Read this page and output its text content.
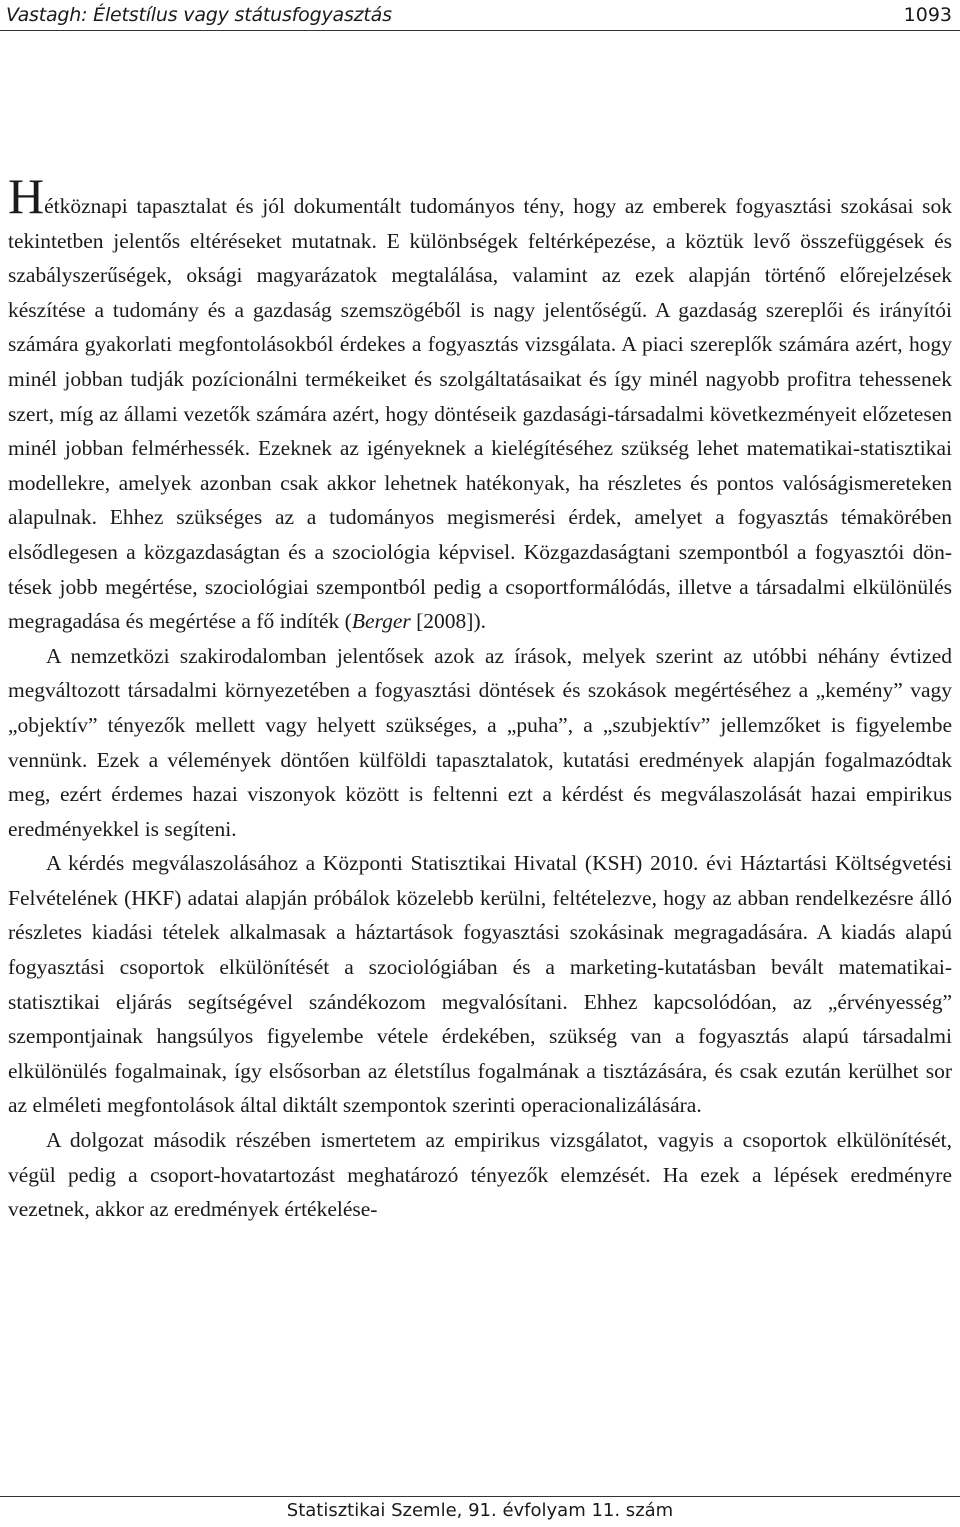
Vastagh: Életstílus vagy státusfogyasztás	1093

Hétköznapi tapasztalat és jól dokumentált tudományos tény, hogy az emberek fogyasztási szokásai sok tekintetben jelentős eltéréseket mutatnak. E különbségek feltérképezése, a köztük levő összefüggések és szabályszerűségek, oksági magyarázatok megtalálása, valamint az ezek alapján történő előrejelzések készítése a tudomány és a gazdaság szemszögéből is nagy jelentőségű. A gazdaság szereplői és irányítói számára gyakorlati megfontolásokból érdekes a fogyasztás vizsgálata. A piaci szereplők számára azért, hogy minél jobban tudják pozícionálni termékeiket és szolgáltatásaikat és így minél nagyobb profitra tehessenek szert, míg az állami vezetők számára azért, hogy döntéseik gazdasági-társadalmi következményeit előzetesen minél jobban felmérhessék. Ezeknek az igényeknek a kielégítéséhez szükség lehet matematikai-statisztikai modellekre, amelyek azonban csak akkor lehetnek hatékonyak, ha részletes és pontos valóságismereteken alapulnak. Ehhez szükséges az a tudományos megismerési érdek, amelyet a fogyasztás témakörében elsődlegesen a közgazdaságtan és a szociológia képvisel. Közgazdaságtani szempontból a fogyasztói döntések jobb megértése, szociológiai szempontból pedig a csoportformálódás, illetve a társadalmi elkülönülés megragadása és megértése a fő indíték (Berger [2008]).

A nemzetközi szakirodalomban jelentősek azok az írások, melyek szerint az utóbbi néhány évtized megváltozott társadalmi környezetében a fogyasztási döntések és szokások megértéséhez a „kemény” vagy „objektív” tényezők mellett vagy helyett szükséges, a „puha”, a „szubjektív” jellemzőket is figyelembe vennünk. Ezek a vélemények döntően külföldi tapasztalatok, kutatási eredmények alapján fogalmazódtak meg, ezért érdemes hazai viszonyok között is feltenni ezt a kérdést és megválaszolását hazai empirikus eredményekkel is segíteni.

A kérdés megválaszolásához a Központi Statisztikai Hivatal (KSH) 2010. évi Háztartási Költségvetési Felvételének (HKF) adatai alapján próbálok közelebb kerülni, feltételezve, hogy az abban rendelkezésre álló részletes kiadási tételek alkalmasak a háztartások fogyasztási szokásinak megragadására. A kiadás alapú fogyasztási csoportok elkülönítését a szociológiában és a marketing-kutatásban bevált matematikai-statisztikai eljárás segítségével szándékozom megvalósítani. Ehhez kapcsolódóan, az „érvényesség” szempontjainak hangsúlyos figyelembe vétele érdekében, szükség van a fogyasztás alapú társadalmi elkülönülés fogalmainak, így elsősorban az életstílus fogalmának a tisztázására, és csak ezután kerülhet sor az elméleti megfontolások által diktált szempontok szerinti operacionalizálására.

A dolgozat második részében ismertetem az empirikus vizsgálatot, vagyis a csoportok elkülönítését, végül pedig a csoport-hovatartozást meghatározó tényezők elemzését. Ha ezek a lépések eredményre vezetnek, akkor az eredmények értékelése-

Statisztikai Szemle, 91. évfolyam 11. szám
